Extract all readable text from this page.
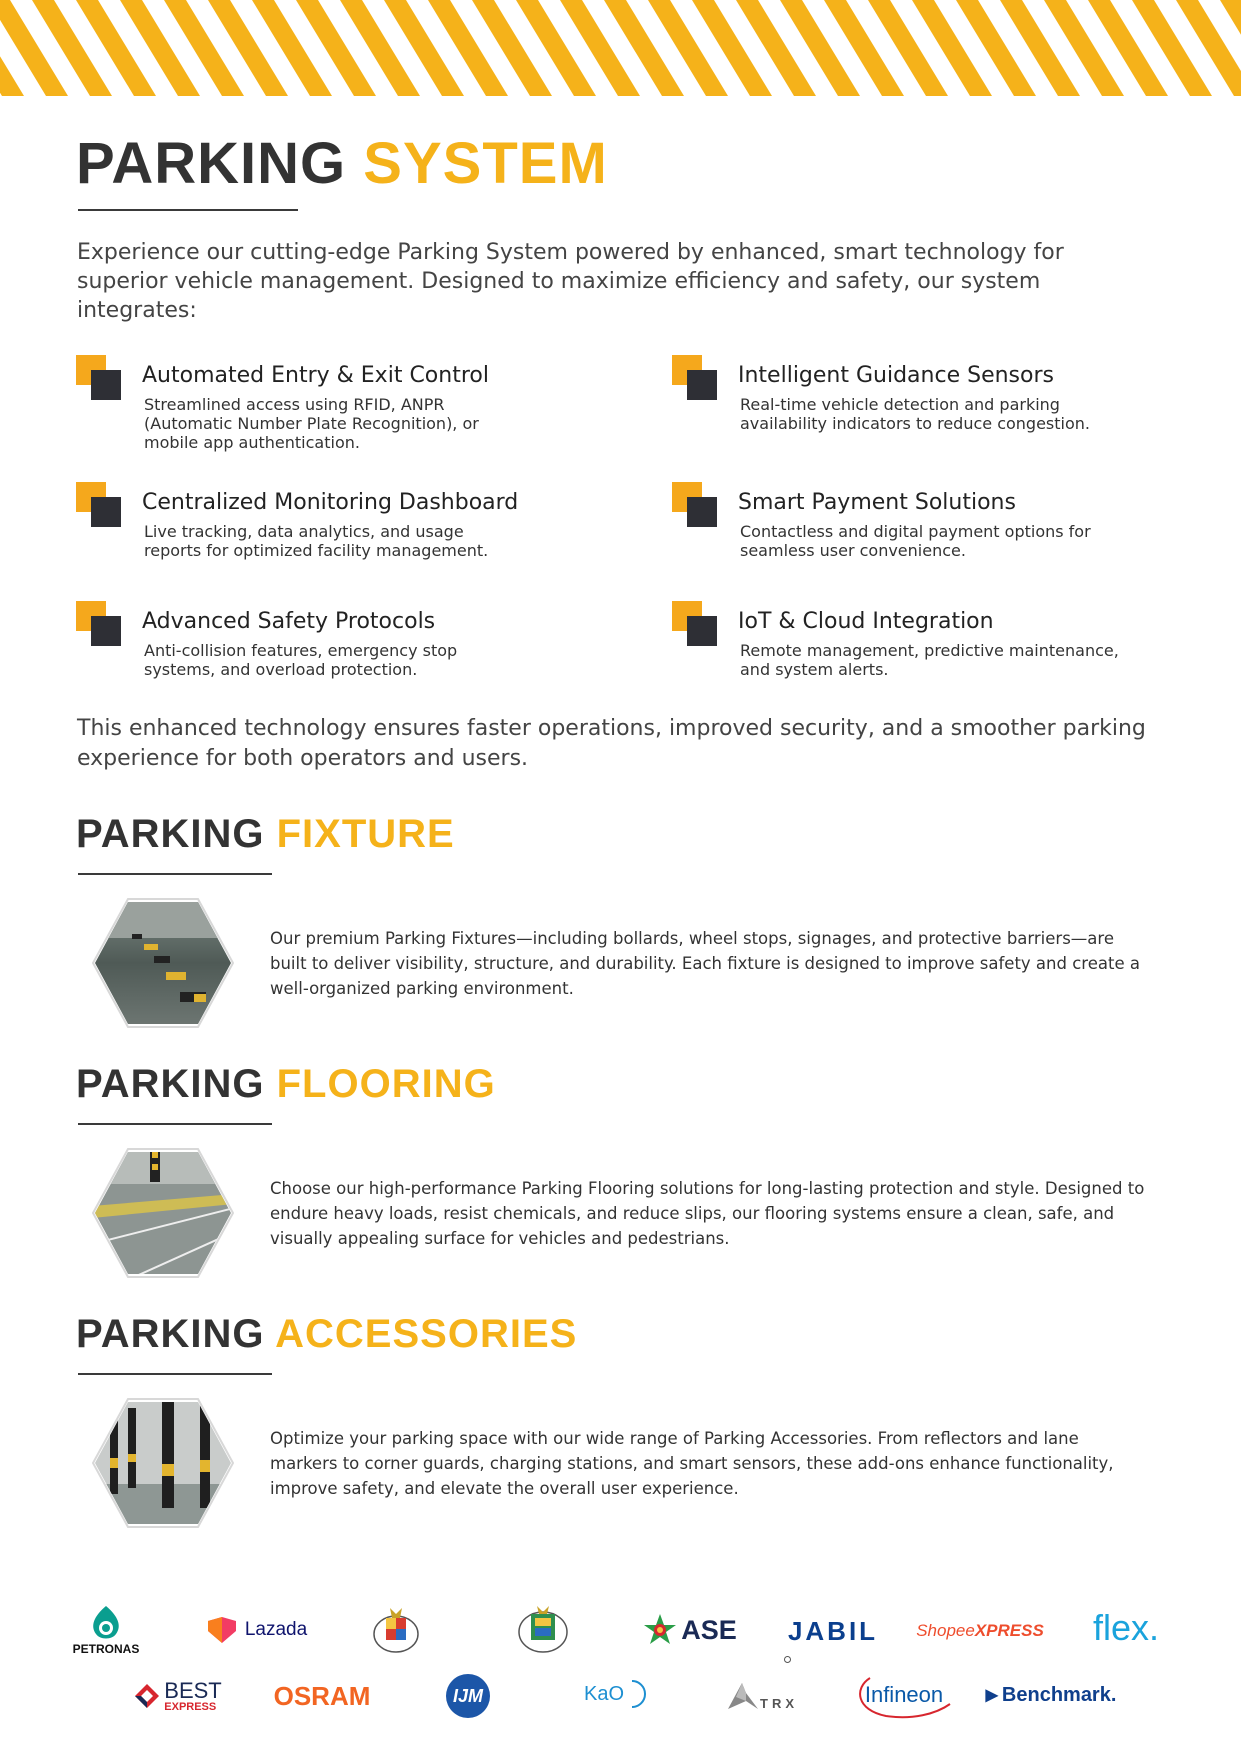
PARKING SYSTEM
Experience our cutting-edge Parking System powered by enhanced, smart technology for superior vehicle management. Designed to maximize efficiency and safety, our system integrates:
Automated Entry & Exit Control
Streamlined access using RFID, ANPR (Automatic Number Plate Recognition), or mobile app authentication.
Intelligent Guidance Sensors
Real-time vehicle detection and parking availability indicators to reduce congestion.
Centralized Monitoring Dashboard
Live tracking, data analytics, and usage reports for optimized facility management.
Smart Payment Solutions
Contactless and digital payment options for seamless user convenience.
Advanced Safety Protocols
Anti-collision features, emergency stop systems, and overload protection.
IoT & Cloud Integration
Remote management, predictive maintenance, and system alerts.
This enhanced technology ensures faster operations, improved security, and a smoother parking experience for both operators and users.
PARKING FIXTURE
Our premium Parking Fixtures—including bollards, wheel stops, signages, and protective barriers—are built to deliver visibility, structure, and durability. Each fixture is designed to improve safety and create a well-organized parking environment.
PARKING FLOORING
Choose our high-performance Parking Flooring solutions for long-lasting protection and style. Designed to endure heavy loads, resist chemicals, and reduce slips, our flooring systems ensure a clean, safe, and visually appealing surface for vehicles and pedestrians.
PARKING ACCESSORIES
Optimize your parking space with our wide range of Parking Accessories. From reflectors and lane markers to corner guards, charging stations, and smart sensors, these add-ons enhance functionality, improve safety, and elevate the overall user experience.
PETRONAS
Lazada	ASE	JABIL	Shopee XPRESS flex.
BEST
EXPRESS OSRAM	IJM	KaO	TRX	Infineon	▶ Benchmark.
